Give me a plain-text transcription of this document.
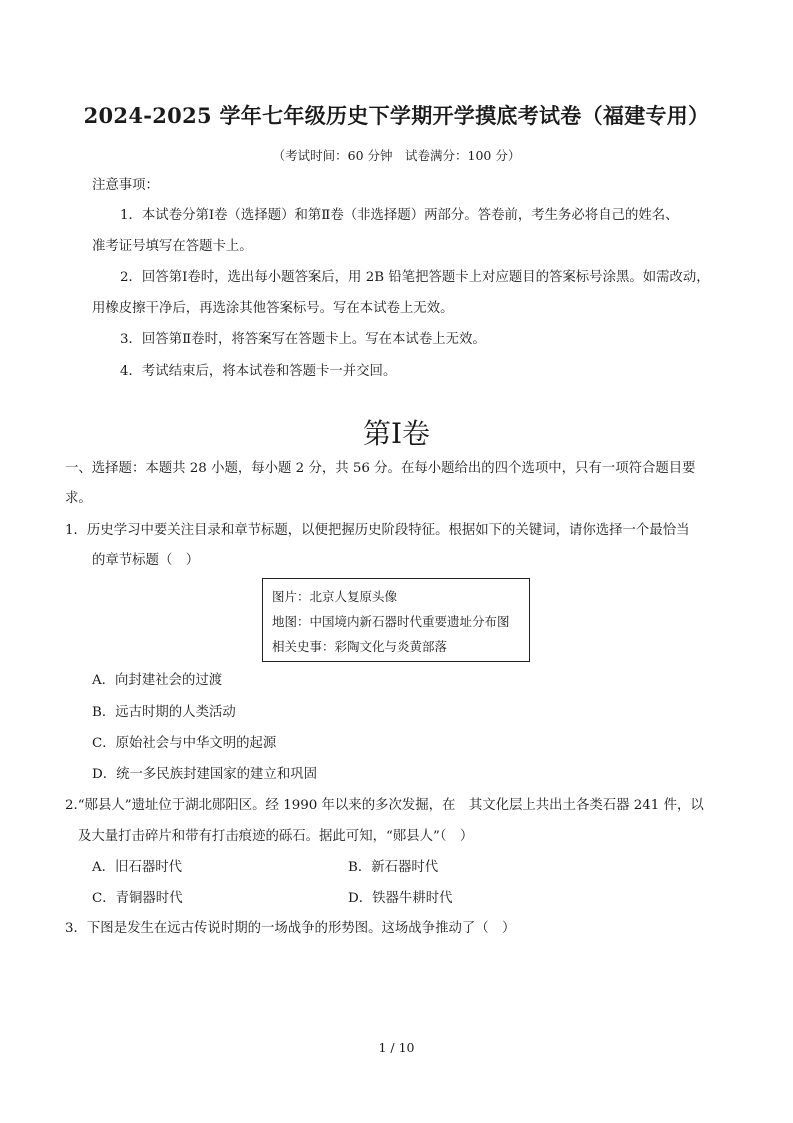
2024-2025 学年七年级历史下学期开学摸底考试卷（福建专用）
（考试时间：60 分钟　试卷满分：100 分）
注意事项：
1．本试卷分第Ⅰ卷（选择题）和第Ⅱ卷（非选择题）两部分。答卷前，考生务必将自己的姓名、
准考证号填写在答题卡上。
2．回答第Ⅰ卷时，选出每小题答案后，用 2B 铅笔把答题卡上对应题目的答案标号涂黑。如需改动，
用橡皮擦干净后，再选涂其他答案标号。写在本试卷上无效。
3．回答第Ⅱ卷时，将答案写在答题卡上。写在本试卷上无效。
4．考试结束后，将本试卷和答题卡一并交回。
第Ⅰ卷
一、选择题：本题共 28 小题，每小题 2 分，共 56 分。在每小题给出的四个选项中，只有一项符合题目要
求。
1．历史学习中要关注目录和章节标题，以便把握历史阶段特征。根据如下的关键词，请你选择一个最恰当
的章节标题（　）
图片：北京人复原头像
地图：中国境内新石器时代重要遗址分布图
相关史事：彩陶文化与炎黄部落
A．向封建社会的过渡
B．远古时期的人类活动
C．原始社会与中华文明的起源
D．统一多民族封建国家的建立和巩固
2.“郧县人”遗址位于湖北郧阳区。经 1990 年以来的多次发掘，在　其文化层上共出土各类石器 241 件，以
及大量打击碎片和带有打击痕迹的砾石。据此可知，“郧县人”（　）
A．旧石器时代	B．新石器时代
C．青铜器时代	D．铁器牛耕时代
3．下图是发生在远古传说时期的一场战争的形势图。这场战争推动了（　）
1 / 10
